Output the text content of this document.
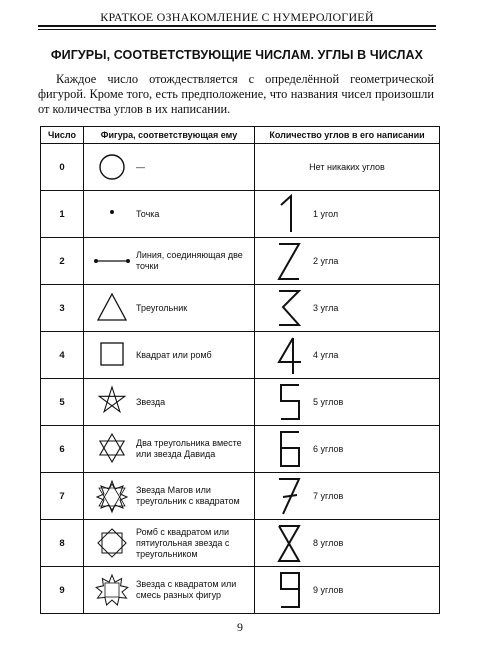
КРАТКОЕ ОЗНАКОМЛЕНИЕ С НУМЕРОЛОГИЕЙ
ФИГУРЫ, СООТВЕТСТВУЮЩИЕ ЧИСЛАМ. УГЛЫ В ЧИСЛАХ

Каждое число отождествляется с определённой геометрической фигурой. Кроме того, есть предположение, что названия чисел произошли от количества углов в их написании.

Число	Фигура, соответствующая ему	Количество углов в его написании
0	—	Нет никаких углов

1	Точка	1 угол

2	Линия, соединяющая две точки	2 угла

3	Треугольник	3 угла

4	Квадрат или ромб	4 угла

5	Звезда	5 углов

6	Два треугольника вместе или звезда Давида	6 углов

7	Звезда Магов или треугольник с квадратом	7 углов

8	Ромб с квадратом или пятиугольная звезда с треугольником	8 углов

9	Звезда с квадратом или смесь разных фигур	9 углов
9
